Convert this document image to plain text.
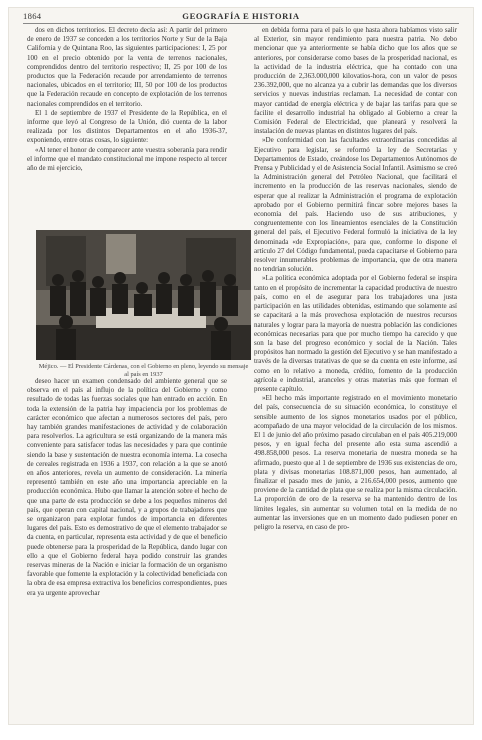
1864	GEOGRAFÍA E HISTORIA

dos en dichos territorios. El decreto decía así: A partir del primero de enero de 1937 se conceden a los territorios Norte y Sur de la Baja California y de Quintana Roo, las siguientes participaciones: I, 25 por 100 en el precio obtenido por la venta de terrenos nacionales, comprendidos dentro del territorio respectivo; II, 25 por 100 de los productos que la Federación recaude por arrendamiento de terrenos nacionales, ubicados en el territorio; III, 50 por 100 de los productos que la Federación recaude en concepto de explotación de los terrenos nacionales comprendidos en el territorio.

El 1 de septiembre de 1937 el Presidente de la República, en el informe que leyó al Congreso de la Unión, dió cuenta de la labor realizada por los distintos Departamentos en el año 1936-37, exponiendo, entre otras cosas, lo siguiente:

«Al tener el honor de comparecer ante vuestra soberanía para rendir el informe que el mandato constitucional me impone respecto al tercer año de mi ejercicio,

Méjico. — El Presidente Cárdenas, con el Gobierno en pleno, leyendo su mensaje al país en 1937

deseo hacer un examen condensado del ambiente general que se observa en el país al influjo de la política del Gobierno y como resultado de todas las fuerzas sociales que han entrado en acción. En toda la extensión de la patria hay impaciencia por los problemas de carácter económico que afectan a numerosos sectores del país, pero hay también grandes manifestaciones de actividad y de colaboración para resolverlos. La agricultura se está organizando de la manera más conveniente para satisfacer todas las necesidades y para que continúe siendo la base y sustentación de nuestra economía interna. La cosecha de cereales registrada en 1936 a 1937, con relación a la que se anotó en años anteriores, revela un aumento de consideración. La minería representó también en este año una importancia apreciable en la producción económica. Hubo que llamar la atención sobre el hecho de que una parte de esta producción se debe a los pequeños mineros del país, que operan con capital nacional, y a grupos de trabajadores que se organizaron para explotar fundos de importancia en diferentes lugares del país. Esto es demostrativo de que el elemento trabajador se da cuenta, en particular, representa esta actividad y de que el beneficio puede obtenerse para la prosperidad de la República, dando lugar con ello a que el Gobierno federal haya podido construir las grandes reservas mineras de la Nación e iniciar la formación de un organismo favorable que fomente la explotación y la colectividad beneficiada con la obra de esa empresa extractiva los beneficios correspondientes, pues era ya urgente aprovechar

en debida forma para el país lo que hasta ahora habíamos visto salir al Exterior, sin mayor rendimiento para nuestra patria. No debo mencionar que ya anteriormente se había dicho que los años que se anteriores, por considerarse como bases de la prosperidad nacional, es la actividad de la industria eléctrica, que ha contado con una producción de 2,363.000,000 kilovatios-hora, con un valor de pesos 236.392,000, que no alcanza ya a cubrir las demandas que los diversos servicios y nuevas industrias reclaman. La necesidad de contar con mayor cantidad de energía eléctrica y de bajar las tarifas para que se facilite el desarrollo industrial ha obligado al Gobierno a crear la Comisión Federal de Electricidad, que planeará y resolverá la instalación de nuevas plantas en distintos lugares del país.

»De conformidad con las facultades extraordinarias concedidas al Ejecutivo para legislar, se reformó la ley de Secretarías y Departamentos de Estado, creándose los Departamentos Autónomos de Prensa y Publicidad y el de Asistencia Social Infantil. Asimismo se creó la Administración general del Petróleo Nacional, que facilitará el incremento en la producción de las reservas nacionales, siendo de esperar que al realizar la Administración el programa de explotación aprobado por el Gobierno permitirá fincar sobre mejores bases la economía del país. Haciendo uso de sus atribuciones, y congruentemente con los lineamientos esenciales de la Constitución general del país, el Ejecutivo Federal formuló la iniciativa de la ley denominada «de Expropiación», para que, conforme lo dispone el artículo 27 del Código fundamental, pueda capacitarse el Gobierno para resolver innumerables problemas de importancia, que de otra manera no tendrían solución.

»La política económica adoptada por el Gobierno federal se inspira tanto en el propósito de incrementar la capacidad productiva de nuestro país, como en el de asegurar para los trabajadores una justa participación en las utilidades obtenidas, estimando que solamente así se capacitará a la más provechosa explotación de nuestros recursos naturales y lograr para la mayoría de nuestra población las condiciones económicas necesarias para que por mucho tiempo ha carecido y que son la base del progreso económico y social de la Nación. Tales propósitos han normado la gestión del Ejecutivo y se han manifestado a través de la diversas tratativas de que se da cuenta en este informe, así como en lo relativo a moneda, crédito, fomento de la producción agrícola e industrial, aranceles y otras materias más que forman el presente capítulo.

»El hecho más importante registrado en el movimiento monetario del país, consecuencia de su situación económica, lo constituye el sensible aumento de los signos monetarios usados por el público, acompañado de una mayor velocidad de la circulación de los mismos. El 1 de junio del año próximo pasado circulaban en el país 405.219,000 pesos, y en igual fecha del presente año esta suma ascendió a 498.858,000 pesos. La reserva monetaria de nuestra moneda se ha afirmado, puesto que al 1 de septiembre de 1936 sus existencias de oro, plata y divisas monetarias 108.871,000 pesos, han aumentado, al finalizar el pasado mes de junio, a 216.654,000 pesos, aumento que proviene de la cantidad de plata que se realiza por la misma circulación. La proporción de oro de la reserva se ha mantenido dentro de los límites legales, sin aumentar su volumen total en la medida de no aumentar las inversiones que en un momento dado pudiesen poner en peligro la reserva, en caso de pro-
